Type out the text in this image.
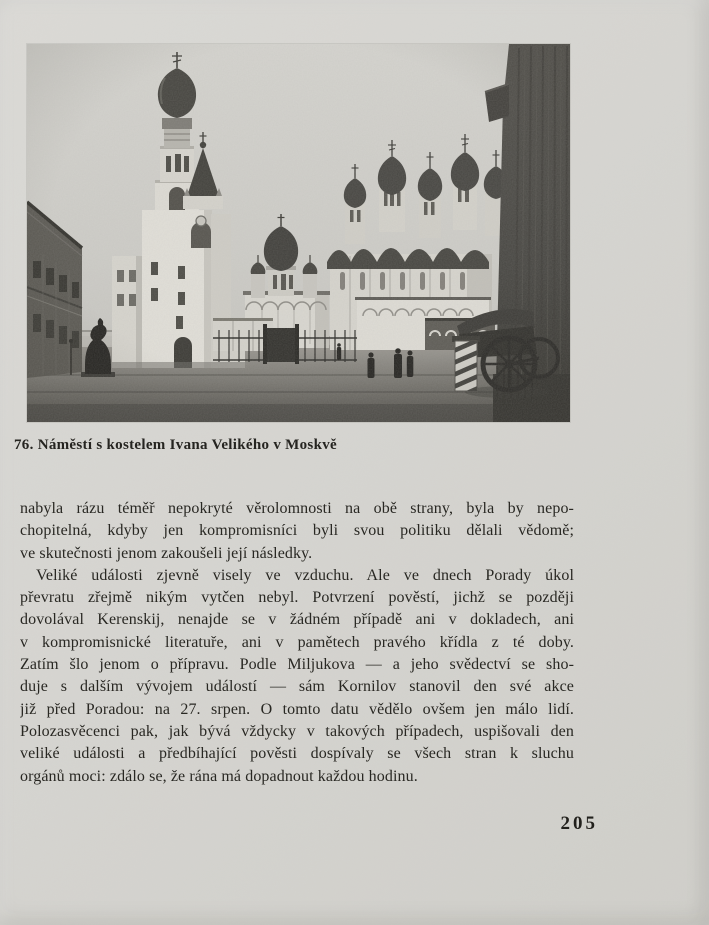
76. Náměstí s kostelem Ivana Velikého v Moskvě
nabyla rázu téměř nepokryté věrolomnosti na obě strany, byla by nepo-
chopitelná, kdyby jen kompromisníci byli svou politiku dělali vědomě;
ve skutečnosti jenom zakoušeli její následky.
Veliké události zjevně visely ve vzduchu. Ale ve dnech Porady úkol
převratu zřejmě nikým vytčen nebyl. Potvrzení pověstí, jichž se později
dovolával Kerenskij, nenajde se v žádném případě ani v dokladech, ani
v kompromisnické literatuře, ani v pamětech pravého křídla z té doby.
Zatím šlo jenom o přípravu. Podle Miljukova — a jeho svědectví se sho-
duje s dalším vývojem událostí — sám Kornilov stanovil den své akce
již před Poradou: na 27. srpen. O tomto datu vědělo ovšem jen málo lidí.
Polozasvěcenci pak, jak bývá vždycky v takových případech, uspišovali den
veliké události a předbíhající pověsti dospívaly se všech stran k sluchu
orgánů moci: zdálo se, že rána má dopadnout každou hodinu.
205
